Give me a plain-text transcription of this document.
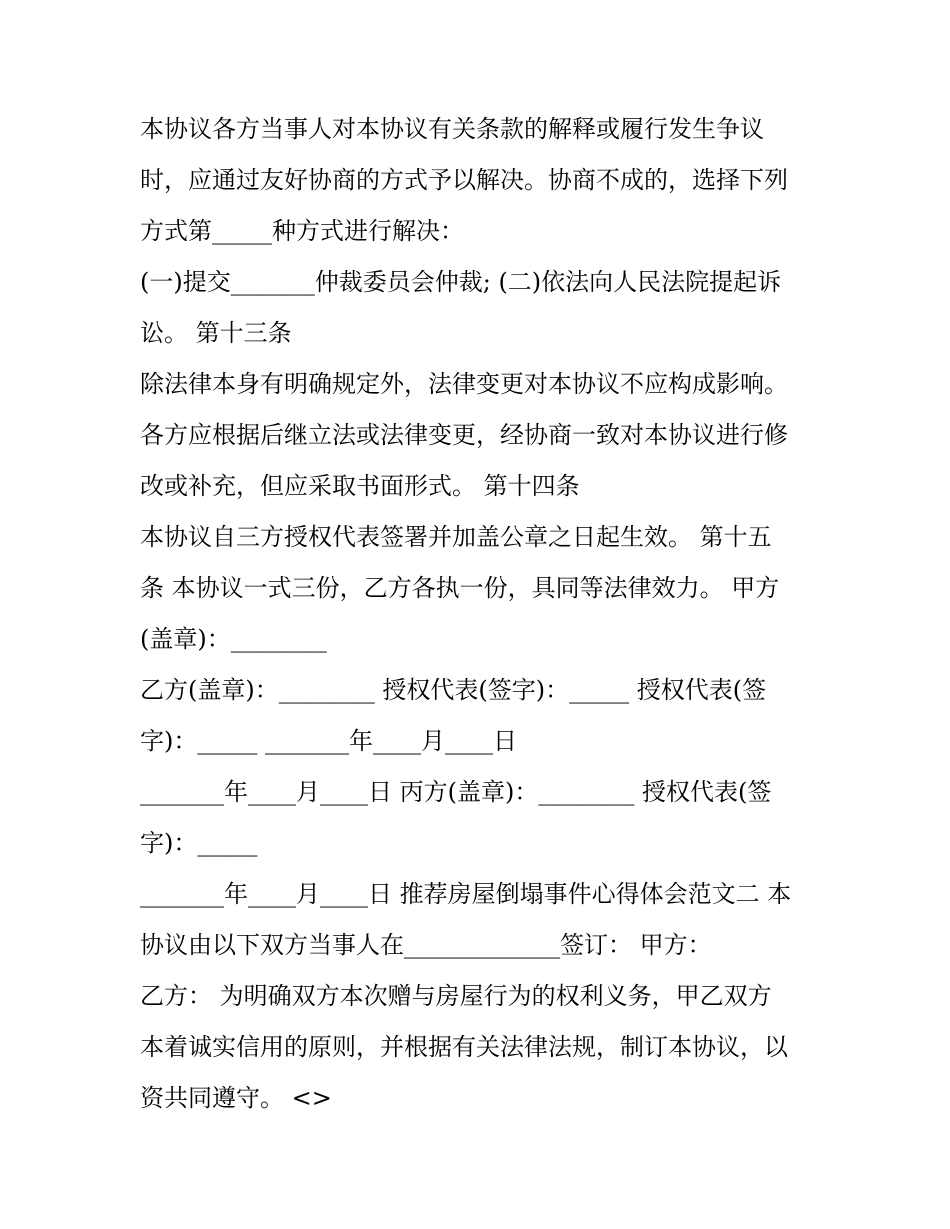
本协议各方当事人对本协议有关条款的解释或履行发生争议
时，应通过友好协商的方式予以解决。协商不成的，选择下列
方式第_____种方式进行解决：
(一)提交_______仲裁委员会仲裁; (二)依法向人民法院提起诉
讼。 第十三条
除法律本身有明确规定外，法律变更对本协议不应构成影响。
各方应根据后继立法或法律变更，经协商一致对本协议进行修
改或补充，但应采取书面形式。 第十四条
本协议自三方授权代表签署并加盖公章之日起生效。 第十五
条 本协议一式三份，乙方各执一份，具同等法律效力。 甲方
(盖章)：________
乙方(盖章)：________ 授权代表(签字)：_____ 授权代表(签
字)：_____ _______年____月____日
_______年____月____日 丙方(盖章)：________ 授权代表(签
字)：_____
_______年____月____日 推荐房屋倒塌事件心得体会范文二 本
协议由以下双方当事人在_____________签订： 甲方：
乙方： 为明确双方本次赠与房屋行为的权利义务，甲乙双方
本着诚实信用的原则，并根据有关法律法规，制订本协议，以
资共同遵守。 <>
